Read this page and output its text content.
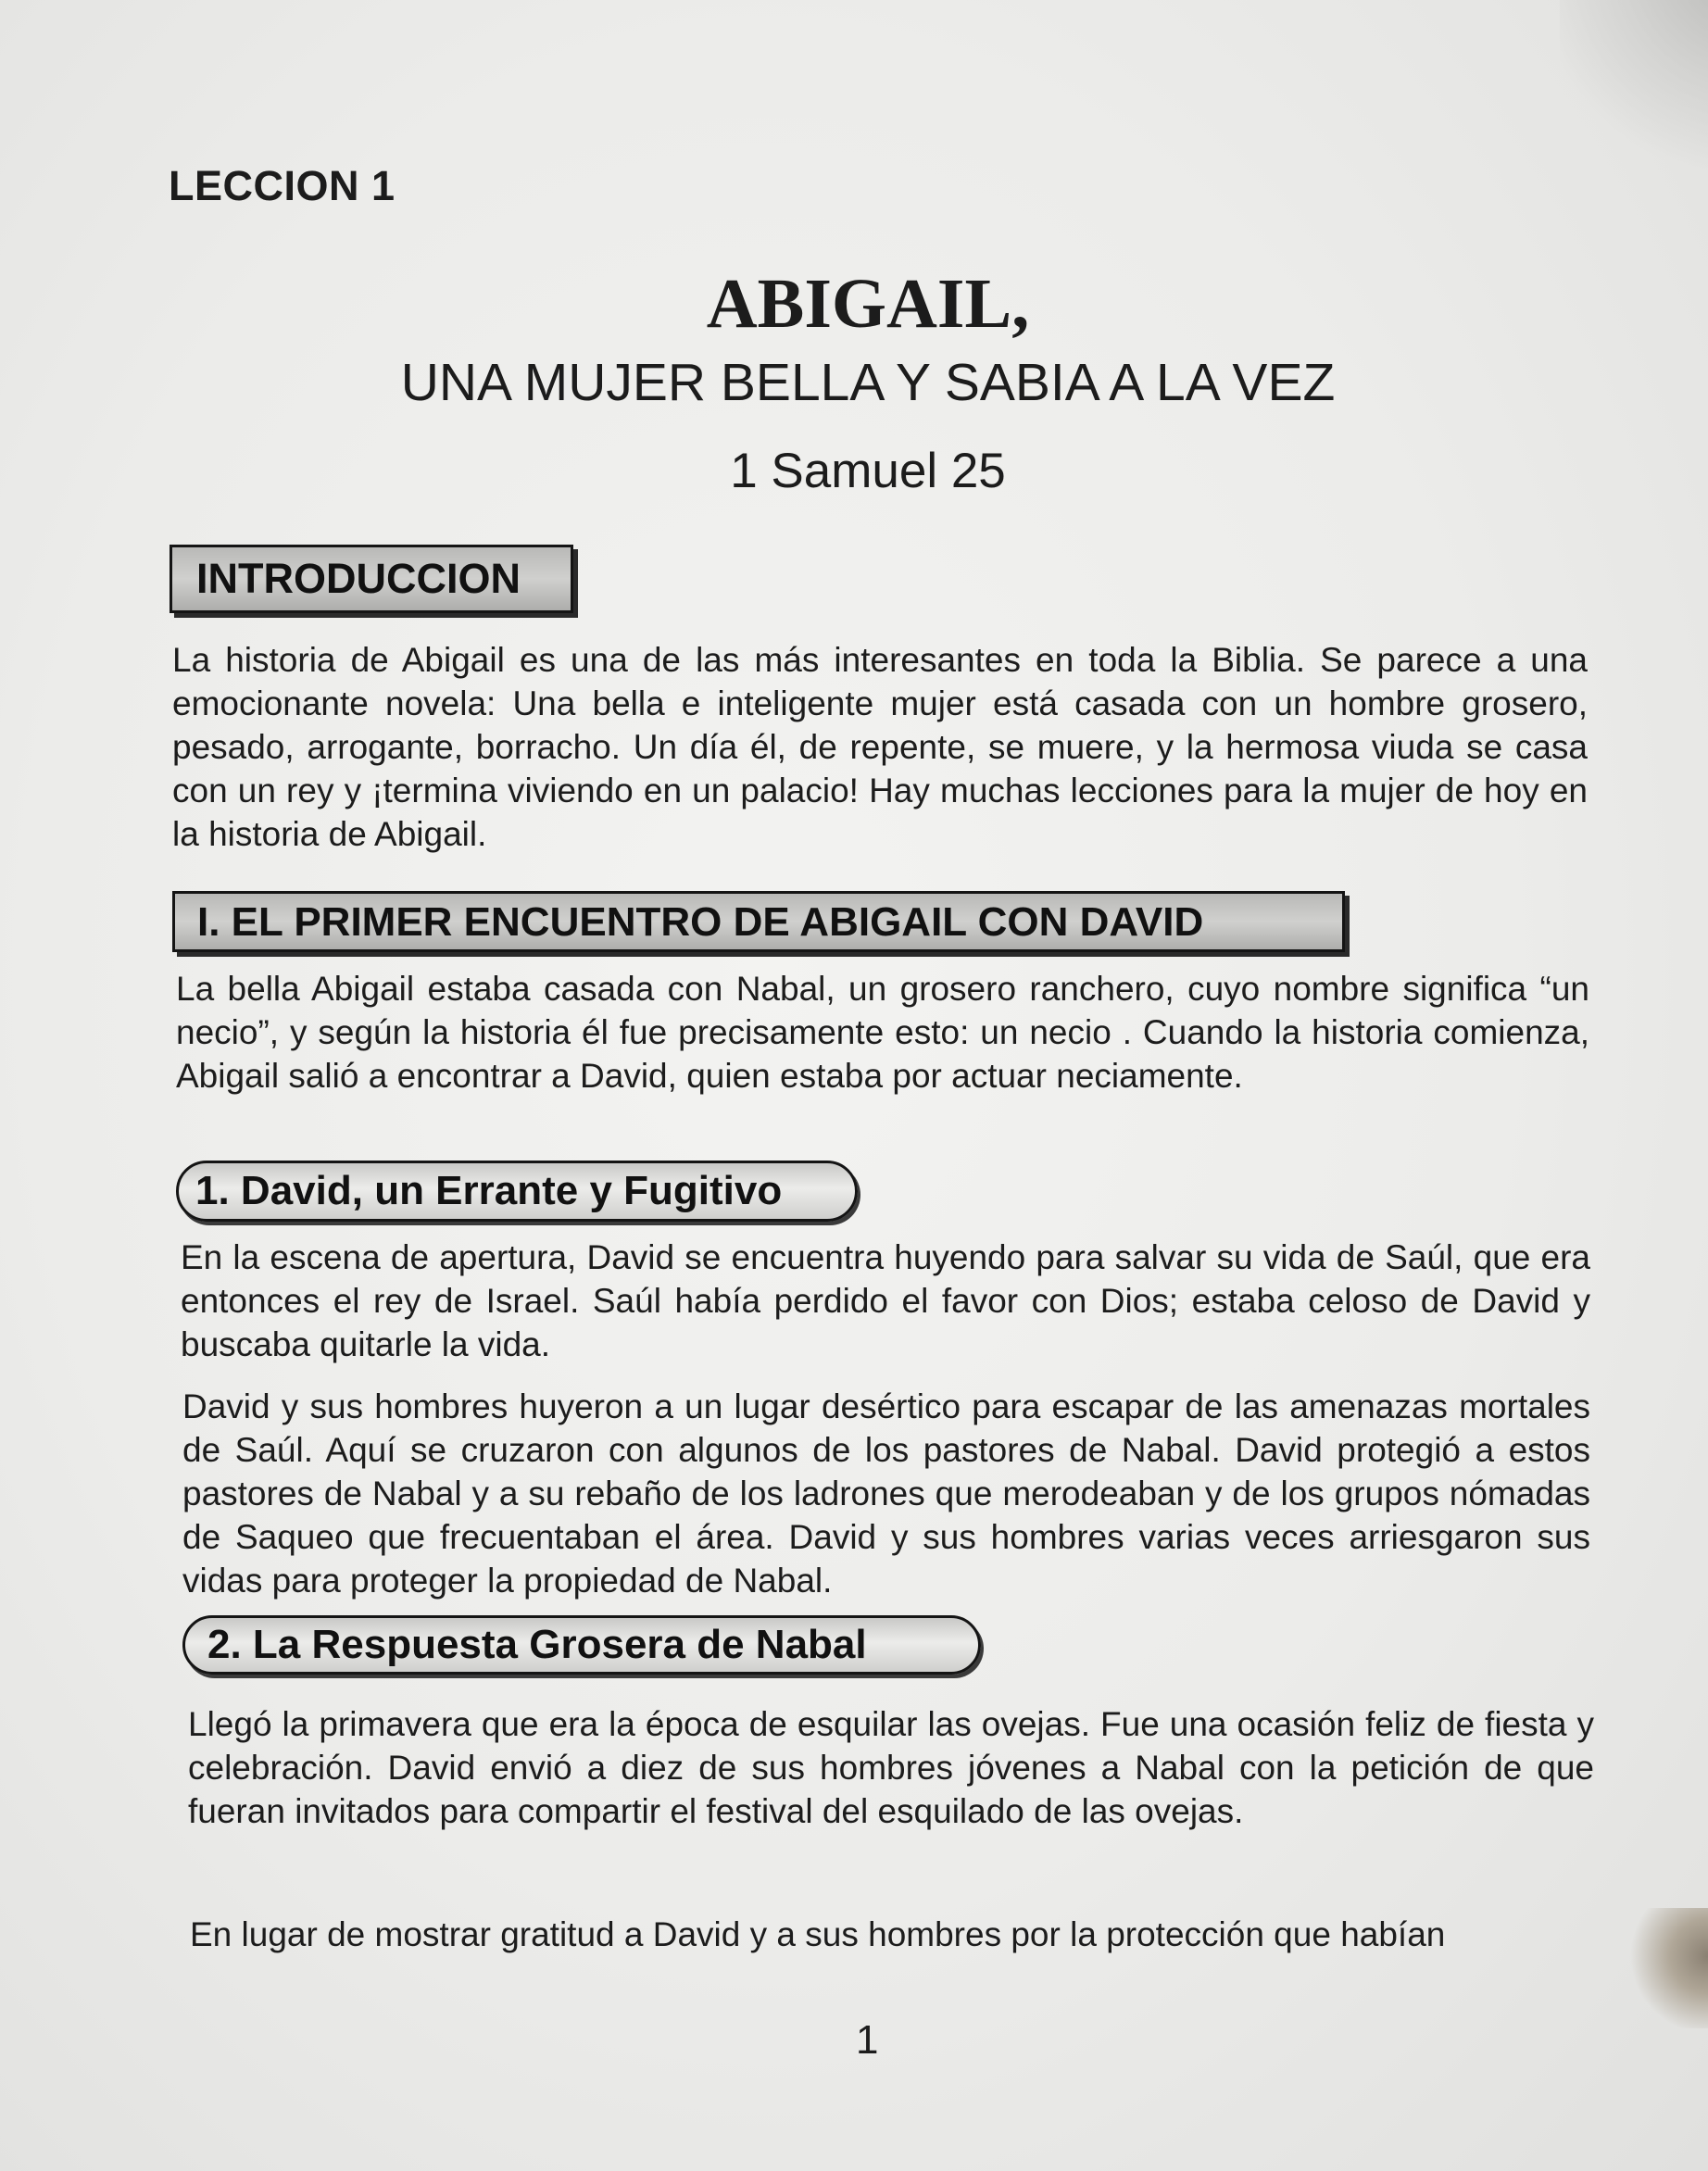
LECCION 1
ABIGAIL,
UNA MUJER BELLA Y SABIA A LA VEZ
1 Samuel 25
INTRODUCCION
La historia de Abigail es una de las más interesantes en toda la Biblia. Se parece a una emocionante novela: Una bella e inteligente mujer está casada con un hombre grosero, pesado, arrogante, borracho. Un día él, de repente, se muere, y la hermosa viuda se casa con un rey y ¡termina viviendo en un palacio! Hay muchas lecciones para la mujer de hoy en la historia de Abigail.
I. EL PRIMER ENCUENTRO DE ABIGAIL CON DAVID
La bella Abigail estaba casada con Nabal, un grosero ranchero, cuyo nombre significa “un necio”, y según la historia él fue precisamente esto: un necio . Cuando la historia comienza, Abigail salió a encontrar a David, quien estaba por actuar neciamente.
1. David, un Errante y Fugitivo
En la escena de apertura, David se encuentra huyendo para salvar su vida de Saúl, que era entonces el rey de Israel. Saúl había perdido el favor con Dios; estaba celoso de David y buscaba quitarle la vida.
David y sus hombres huyeron a un lugar desértico para escapar de las amenazas mortales de Saúl. Aquí se cruzaron con algunos de los pastores de Nabal. David protegió a estos pastores de Nabal y a su rebaño de los ladrones que merodeaban y de los grupos nómadas de Saqueo que frecuentaban el área. David y sus hombres varias veces arriesgaron sus vidas para proteger la propiedad de Nabal.
2. La Respuesta Grosera de Nabal
Llegó la primavera que era la época de esquilar las ovejas. Fue una ocasión feliz de fiesta y celebración. David envió a diez de sus hombres jóvenes a Nabal con la petición de que fueran invitados para compartir el festival del esquilado de las ovejas.
En lugar de mostrar gratitud a David y a sus hombres por la protección que habían
1
